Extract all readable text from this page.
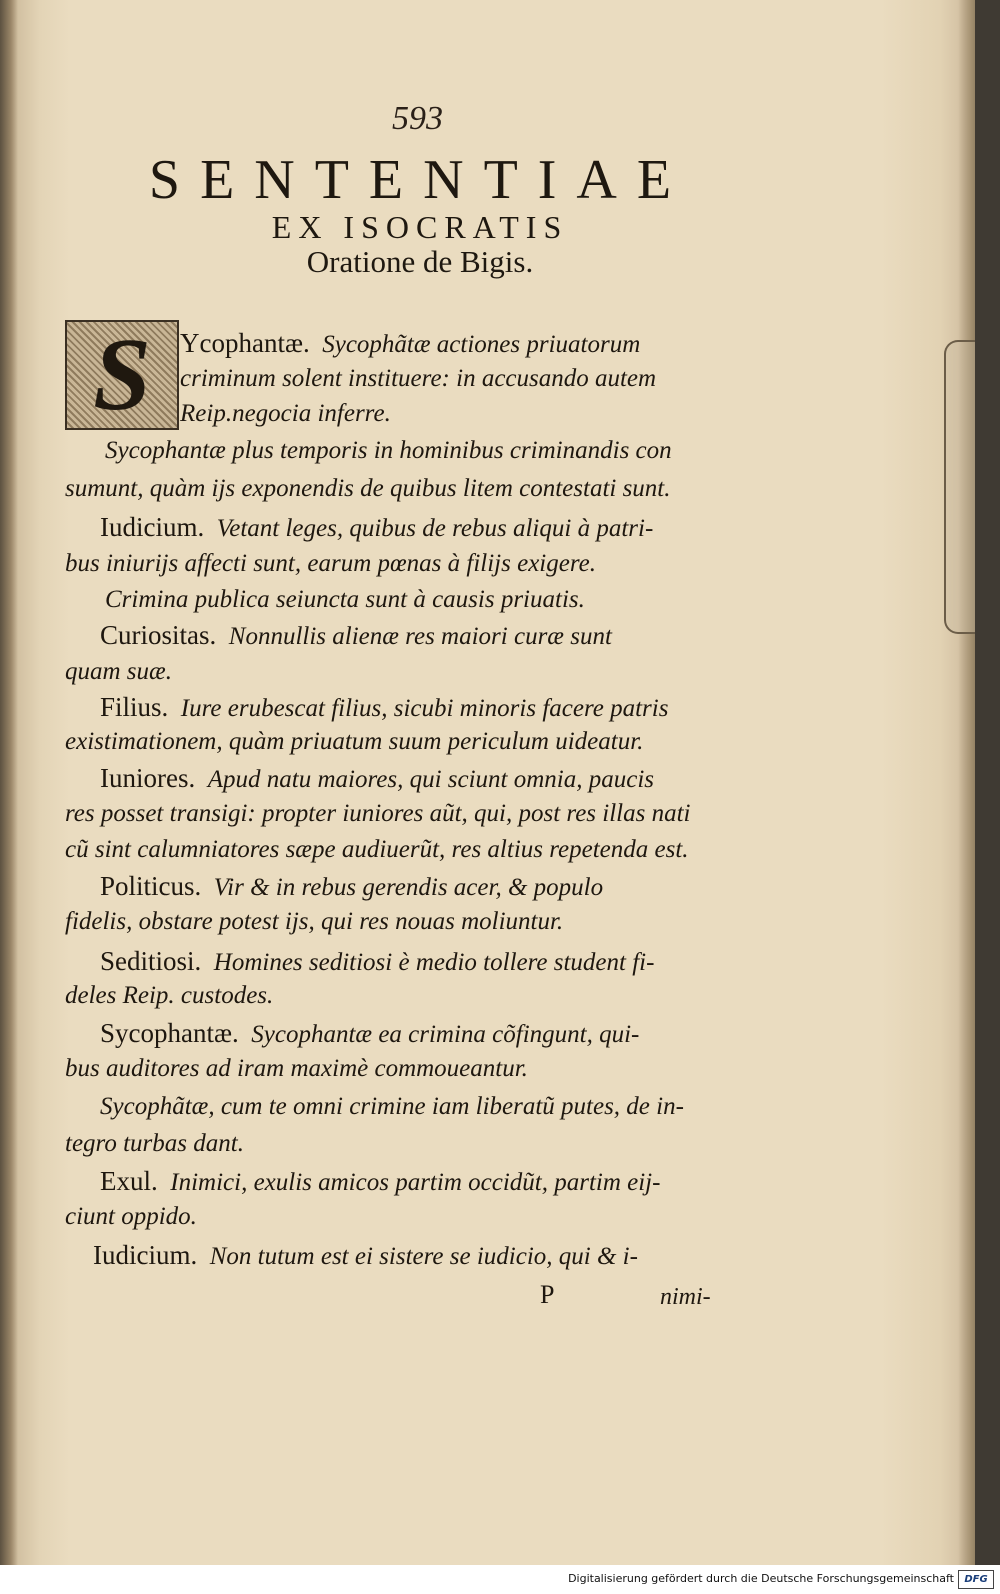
593
SENTENTIAE
EX ISOCRATIS
Oratione de Bigis.
S Ycophantæ. Sycophãtæ actiones priuatorum
criminum solent instituere: in accusando autem
Reip.negocia inferre.
Sycophantæ plus temporis in hominibus criminandis con
sumunt, quàm ijs exponendis de quibus litem contestati sunt.
Iudicium. Vetant leges, quibus de rebus aliqui à patri-
bus iniurijs affecti sunt, earum pœnas à filijs exigere.
Crimina publica seiuncta sunt à causis priuatis.
Curiositas. Nonnullis alienæ res maiori curæ sunt
quam suæ.
Filius. Iure erubescat filius, sicubi minoris facere patris
existimationem, quàm priuatum suum periculum uideatur.
Iuniores. Apud natu maiores, qui sciunt omnia, paucis
res posset transigi: propter iuniores aũt, qui, post res illas nati
cũ sint calumniatores sæpe audiuerũt, res altius repetenda est.
Politicus. Vir & in rebus gerendis acer, & populo
fidelis, obstare potest ijs, qui res nouas moliuntur.
Seditiosi. Homines seditiosi è medio tollere student fi-
deles Reip. custodes.
Sycophantæ. Sycophantæ ea crimina cõfingunt, qui-
bus auditores ad iram maximè commoueantur.
Sycophãtæ, cum te omni crimine iam liberatũ putes, de in-
tegro turbas dant.
Exul. Inimici, exulis amicos partim occidũt, partim eij-
ciunt oppido.
Iudicium. Non tutum est ei sistere se iudicio, qui & i-
P	nimi-
Digitalisierung gefördert durch die Deutsche Forschungsgemeinschaft	DFG
